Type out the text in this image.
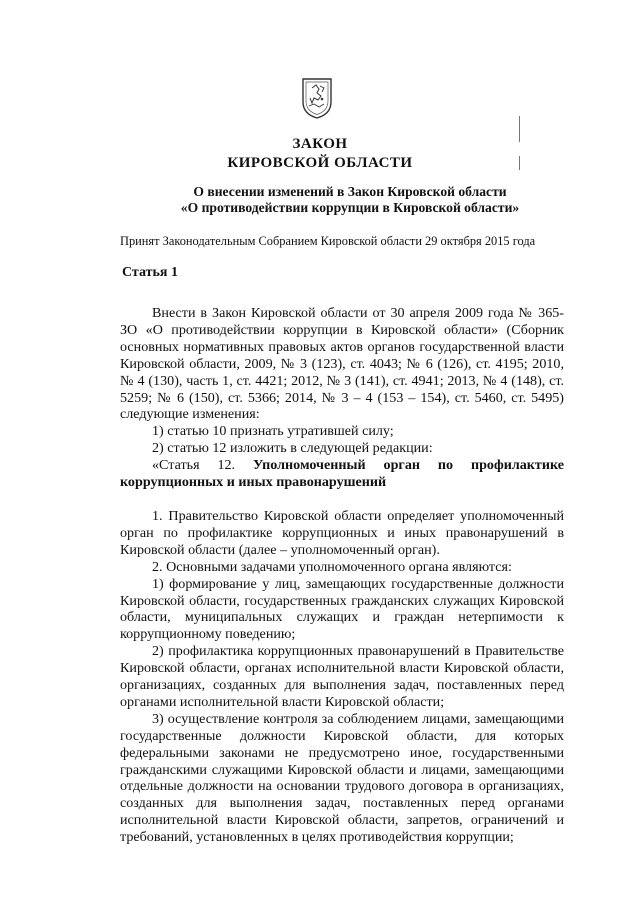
ЗАКОН
КИРОВСКОЙ ОБЛАСТИ
О внесении изменений в Закон Кировской области
«О противодействии коррупции в Кировской области»
Принят Законодательным Собранием Кировской области 29 октября 2015 года
Статья 1

Внести в Закон Кировской области от 30 апреля 2009 года № 365-ЗО «О противодействии коррупции в Кировской области» (Сборник основных нормативных правовых актов органов государственной власти Кировской области, 2009, № 3 (123), ст. 4043; № 6 (126), ст. 4195; 2010, № 4 (130), часть 1, ст. 4421; 2012, № 3 (141), ст. 4941; 2013, № 4 (148), ст. 5259; № 6 (150), ст. 5366; 2014, № 3 – 4 (153 – 154), ст. 5460, ст. 5495) следующие изменения:

1) статью 10 признать утратившей силу;

2) статью 12 изложить в следующей редакции:

«Статья 12. Уполномоченный орган по профилактике коррупционных и иных правонарушений

1. Правительство Кировской области определяет уполномоченный орган по профилактике коррупционных и иных правонарушений в Кировской области (далее – уполномоченный орган).

2. Основными задачами уполномоченного органа являются:

1) формирование у лиц, замещающих государственные должности Кировской области, государственных гражданских служащих Кировской области, муниципальных служащих и граждан нетерпимости к коррупционному поведению;

2) профилактика коррупционных правонарушений в Правительстве Кировской области, органах исполнительной власти Кировской области, организациях, созданных для выполнения задач, поставленных перед органами исполнительной власти Кировской области;

3) осуществление контроля за соблюдением лицами, замещающими государственные должности Кировской области, для которых федеральными законами не предусмотрено иное, государственными гражданскими служащими Кировской области и лицами, замещающими отдельные должности на основании трудового договора в организациях, созданных для выполнения задач, поставленных перед органами исполнительной власти Кировской области, запретов, ограничений и требований, установленных в целях противодействия коррупции;
